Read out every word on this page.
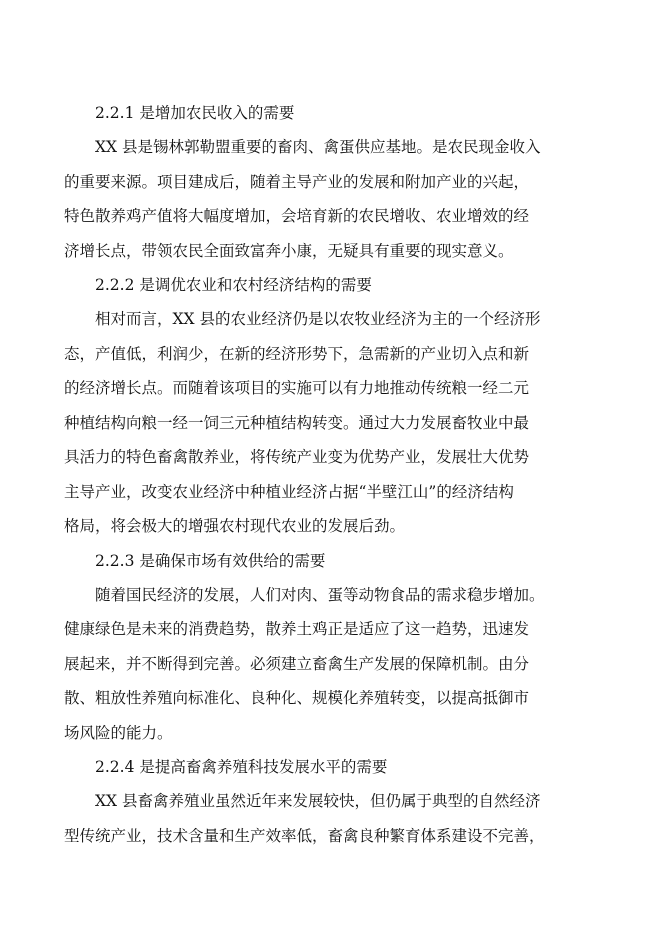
2.2.1 是增加农民收入的需要

XX 县是锡林郭勒盟重要的畜肉、禽蛋供应基地。是农民现金收入
的重要来源。项目建成后，随着主导产业的发展和附加产业的兴起，
特色散养鸡产值将大幅度增加，会培育新的农民增收、农业增效的经
济增长点，带领农民全面致富奔小康，无疑具有重要的现实意义。

2.2.2 是调优农业和农村经济结构的需要

相对而言，XX 县的农业经济仍是以农牧业经济为主的一个经济形
态，产值低，利润少，在新的经济形势下，急需新的产业切入点和新
的经济增长点。而随着该项目的实施可以有力地推动传统粮一经二元
种植结构向粮一经一饲三元种植结构转变。通过大力发展畜牧业中最
具活力的特色畜禽散养业，将传统产业变为优势产业，发展壮大优势
主导产业，改变农业经济中种植业经济占据“半壁江山”的经济结构
格局，将会极大的增强农村现代农业的发展后劲。

2.2.3 是确保市场有效供给的需要

随着国民经济的发展，人们对肉、蛋等动物食品的需求稳步增加。
健康绿色是未来的消费趋势，散养土鸡正是适应了这一趋势，迅速发
展起来，并不断得到完善。必须建立畜禽生产发展的保障机制。由分
散、粗放性养殖向标准化、良种化、规模化养殖转变，以提高抵御市
场风险的能力。

2.2.4 是提高畜禽养殖科技发展水平的需要

XX 县畜禽养殖业虽然近年来发展较快，但仍属于典型的自然经济
型传统产业，技术含量和生产效率低，畜禽良种繁育体系建设不完善，
